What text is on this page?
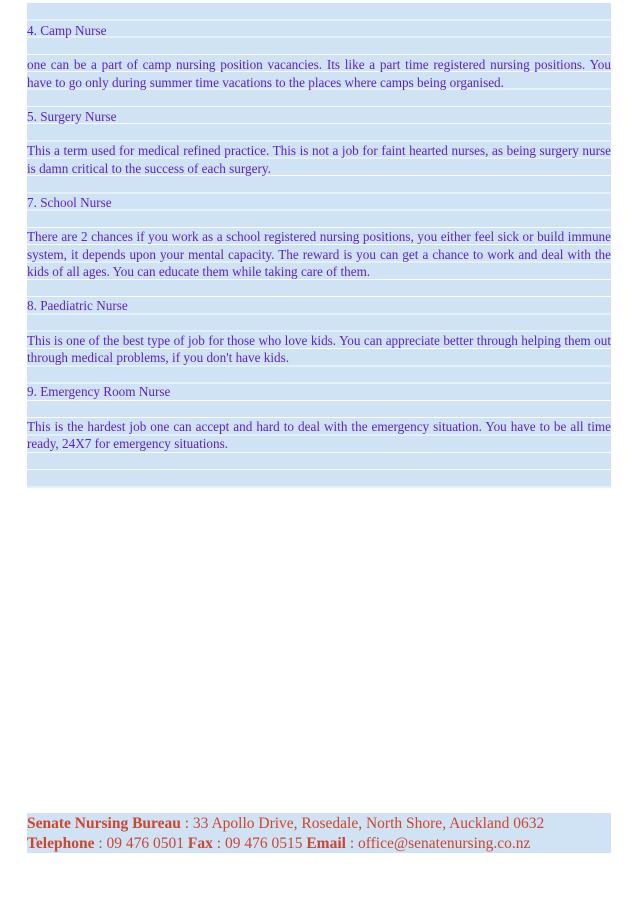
4. Camp Nurse

one can be a part of camp nursing position vacancies. Its like a part time registered nursing positions. You have to go only during summer time vacations to the places where camps being organised.

5. Surgery Nurse

This a term used for medical refined practice. This is not a job for faint hearted nurses, as being surgery nurse is damn critical to the success of each surgery.

7. School Nurse

There are 2 chances if you work as a school registered nursing positions, you either feel sick or build immune system, it depends upon your mental capacity. The reward is you can get a chance to work and deal with the kids of all ages. You can educate them while taking care of them.

8. Paediatric Nurse

This is one of the best type of job for those who love kids. You can appreciate better through helping them out through medical problems, if you don't have kids.

9. Emergency Room Nurse

This is the hardest job one can accept and hard to deal with the emergency situation. You have to be all time ready, 24X7 for emergency situations.

Senate Nursing Bureau : 33 Apollo Drive, Rosedale, North Shore, Auckland 0632
Telephone : 09 476 0501 Fax : 09 476 0515 Email : office@senatenursing.co.nz
